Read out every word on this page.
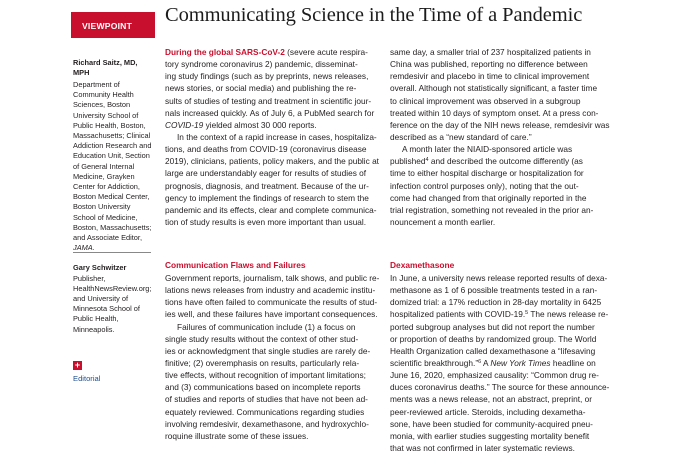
VIEWPOINT	Communicating Science in the Time of a Pandemic
Richard Saitz, MD,
MPH
Department of
Community Health
Sciences, Boston
University School of
Public Health, Boston,
Massachusetts; Clinical
Addiction Research and
Education Unit, Section
of General Internal
Medicine, Grayken
Center for Addiction,
Boston Medical Center,
Boston University
School of Medicine,
Boston, Massachusetts;
and Associate Editor,
JAMA.
Gary Schwitzer
Publisher,
HealthNewsReview.org;
and University of
Minnesota School of
Public Health,
Minneapolis.
+
Editorial
During the global SARS-CoV-2 (severe acute respira-
tory syndrome coronavirus 2) pandemic, disseminat-
ing study findings (such as by preprints, news releases,
news stories, or social media) and publishing the re-
sults of studies of testing and treatment in scientific jour-
nals increased quickly. As of July 6, a PubMed search for
COVID-19 yielded almost 30 000 reports.
In the context of a rapid increase in cases, hospitaliza-
tions, and deaths from COVID-19 (coronavirus disease
2019), clinicians, patients, policy makers, and the public at
large are understandably eager for results of studies of
prognosis, diagnosis, and treatment. Because of the ur-
gency to implement the findings of research to stem the
pandemic and its effects, clear and complete communica-
tion of study results is even more important than usual.
Communication Flaws and Failures
Government reports, journalism, talk shows, and public re-
lations news releases from industry and academic institu-
tions have often failed to communicate the results of stud-
ies well, and these failures have important consequences.
Failures of communication include (1) a focus on
single study results without the context of other stud-
ies or acknowledgment that single studies are rarely de-
finitive; (2) overemphasis on results, particularly rela-
tive effects, without recognition of important limitations;
and (3) communications based on incomplete reports
of studies and reports of studies that have not been ad-
equately reviewed. Communications regarding studies
involving remdesivir, dexamethasone, and hydroxychlo-
roquine illustrate some of these issues.
same day, a smaller trial of 237 hospitalized patients in
China was published, reporting no difference between
remdesivir and placebo in time to clinical improvement
overall. Although not statistically significant, a faster time
to clinical improvement was observed in a subgroup
treated within 10 days of symptom onset. At a press con-
ference on the day of the NIH news release, remdesivir was
described as a “new standard of care.”
A month later the NIAID-sponsored article was
published$^4$ and described the outcome differently (as
time to either hospital discharge or hospitalization for
infection control purposes only), noting that the out-
come had changed from that originally reported in the
trial registration, something not revealed in the prior an-
nouncement a month earlier.
Dexamethasone
In June, a university news release reported results of dexa-
methasone as 1 of 6 possible treatments tested in a ran-
domized trial: a 17% reduction in 28-day mortality in 6425
hospitalized patients with COVID-19.$^5$ The news release re-
ported subgroup analyses but did not report the number
or proportion of deaths by randomized group. The World
Health Organization called dexamethasone a “lifesaving
scientific breakthrough.”$^6$ A New York Times headline on
June 16, 2020, emphasized causality: “Common drug re-
duces coronavirus deaths.” The source for these announce-
ments was a news release, not an abstract, preprint, or
peer-reviewed article. Steroids, including dexametha-
sone, have been studied for community-acquired pneu-
monia, with earlier studies suggesting mortality benefit
that was not confirmed in later systematic reviews.
